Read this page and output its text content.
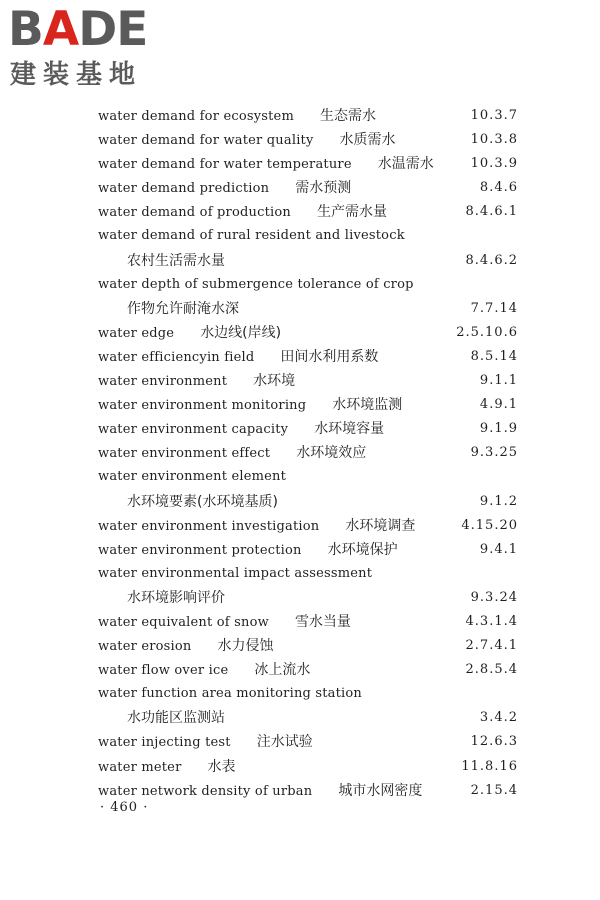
BADE
建装基地
water demand for ecosystem 生态需水	10.3.7
water demand for water quality 水质需水	10.3.8
water demand for water temperature 水温需水	10.3.9
water demand prediction 需水预测	8.4.6
water demand of production 生产需水量	8.4.6.1
water demand of rural resident and livestock
农村生活需水量	8.4.6.2
water depth of submergence tolerance of crop
作物允许耐淹水深	7.7.14
water edge 水边线(岸线)	2.5.10.6
water efficiencyin field 田间水利用系数	8.5.14
water environment 水环境	9.1.1
water environment monitoring 水环境监测	4.9.1
water environment capacity 水环境容量	9.1.9
water environment effect 水环境效应	9.3.25
water environment element
水环境要素(水环境基质)	9.1.2
water environment investigation 水环境调查	4.15.20
water environment protection 水环境保护	9.4.1
water environmental impact assessment
水环境影响评价	9.3.24
water equivalent of snow 雪水当量	4.3.1.4
water erosion 水力侵蚀	2.7.4.1
water flow over ice 冰上流水	2.8.5.4
water function area monitoring station
水功能区监测站	3.4.2
water injecting test 注水试验	12.6.3
water meter 水表	11.8.16
water network density of urban 城市水网密度	2.15.4
· 460 ·
